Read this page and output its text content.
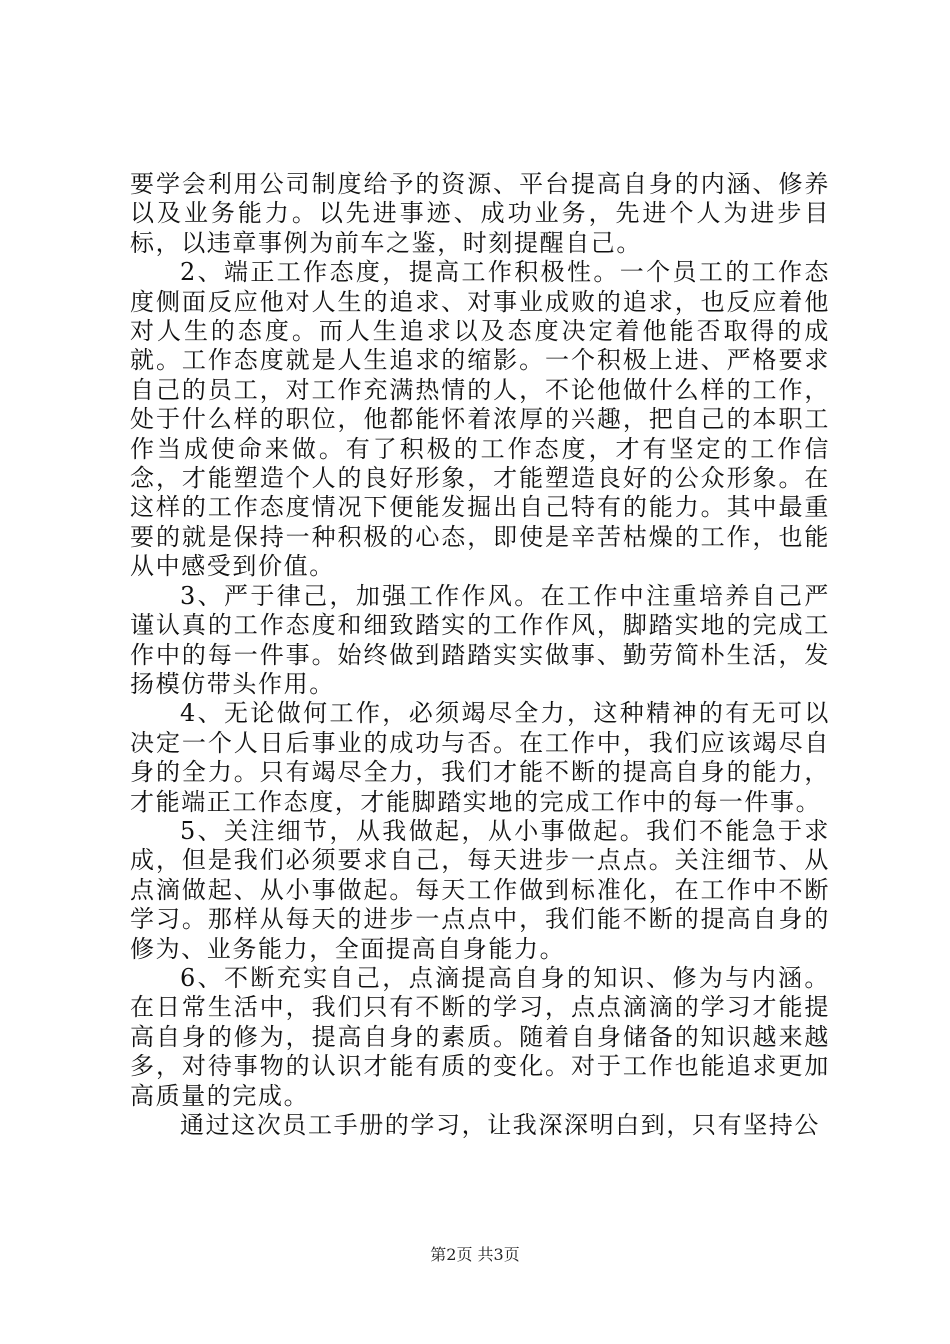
要学会利用公司制度给予的资源、平台提高自身的内涵、修养以及业务能力。以先进事迹、成功业务，先进个人为进步目标，以违章事例为前车之鉴，时刻提醒自己。

2、端正工作态度，提高工作积极性。一个员工的工作态度侧面反应他对人生的追求、对事业成败的追求，也反应着他对人生的态度。而人生追求以及态度决定着他能否取得的成就。工作态度就是人生追求的缩影。一个积极上进、严格要求自己的员工，对工作充满热情的人，不论他做什么样的工作，处于什么样的职位，他都能怀着浓厚的兴趣，把自己的本职工作当成使命来做。有了积极的工作态度，才有坚定的工作信念，才能塑造个人的良好形象，才能塑造良好的公众形象。在这样的工作态度情况下便能发掘出自己特有的能力。其中最重要的就是保持一种积极的心态，即使是辛苦枯燥的工作，也能从中感受到价值。

3、严于律己，加强工作作风。在工作中注重培养自己严谨认真的工作态度和细致踏实的工作作风，脚踏实地的完成工作中的每一件事。始终做到踏踏实实做事、勤劳简朴生活，发扬模仿带头作用。

4、无论做何工作，必须竭尽全力，这种精神的有无可以决定一个人日后事业的成功与否。在工作中，我们应该竭尽自身的全力。只有竭尽全力，我们才能不断的提高自身的能力，才能端正工作态度，才能脚踏实地的完成工作中的每一件事。

5、关注细节，从我做起，从小事做起。我们不能急于求成，但是我们必须要求自己，每天进步一点点。关注细节、从点滴做起、从小事做起。每天工作做到标准化，在工作中不断学习。那样从每天的进步一点点中，我们能不断的提高自身的修为、业务能力，全面提高自身能力。

6、不断充实自己，点滴提高自身的知识、修为与内涵。在日常生活中，我们只有不断的学习，点点滴滴的学习才能提高自身的修为，提高自身的素质。随着自身储备的知识越来越多，对待事物的认识才能有质的变化。对于工作也能追求更加高质量的完成。

通过这次员工手册的学习，让我深深明白到，只有坚持公

第2页 共3页
